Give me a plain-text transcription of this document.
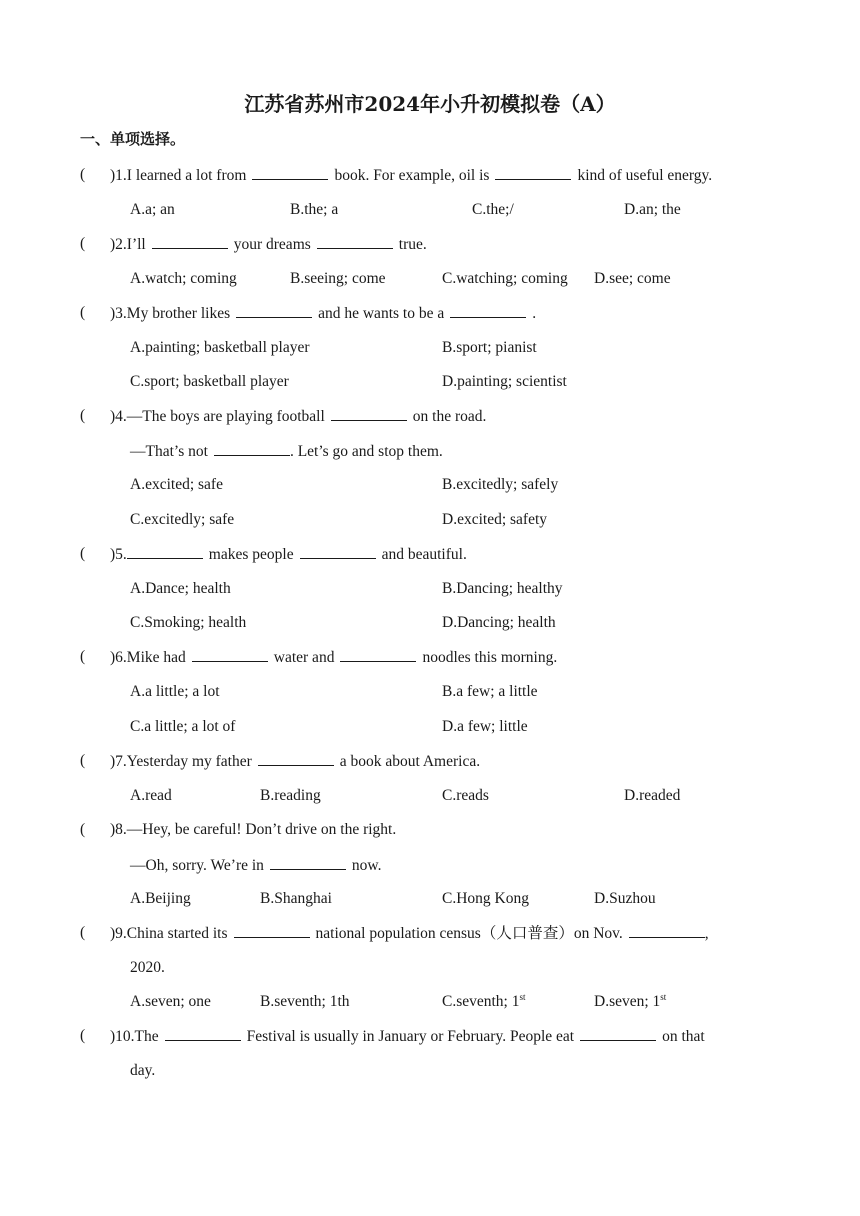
江苏省苏州市2024年小升初模拟卷（A）
一、单项选择。
( )1.I learned a lot from	book. For example, oil is	kind of useful energy.
A.a; an	B.the; a	C.the;/	D.an; the
( )2.I’ll	your dreams	true.
A.watch; coming	B.seeing; come	C.watching; coming D.see; come
( )3.My brother likes	and he wants to be a	.
A.painting; basketball player	B.sport; pianist
C.sport; basketball player	D.painting; scientist
( )4.—The boys are playing football	on the road.
—That’s not	. Let’s go and stop them.
A.excited; safe	B.excitedly; safely
C.excitedly; safe	D.excited; safety
( )5.	makes people	and beautiful.
A.Dance; health	B.Dancing; healthy
C.Smoking; health	D.Dancing; health
( )6.Mike had	water and	noodles this morning.
A.a little; a lot	B.a few; a little
C.a little; a lot of	D.a few; little
( )7.Yesterday my father	a book about America.
A.read	B.reading	C.reads	D.readed
( )8.—Hey, be careful! Don’t drive on the right.
—Oh, sorry. We’re in	now.
A.Beijing	B.Shanghai	C.Hong Kong	D.Suzhou
( )9.China started its	national population census（人口普查）on Nov.	,
2020.
A.seven; one	B.seventh; 1th	C.seventh; 1st	D.seven; 1st
( )10.The	Festival is usually in January or February. People eat	on that
day.
